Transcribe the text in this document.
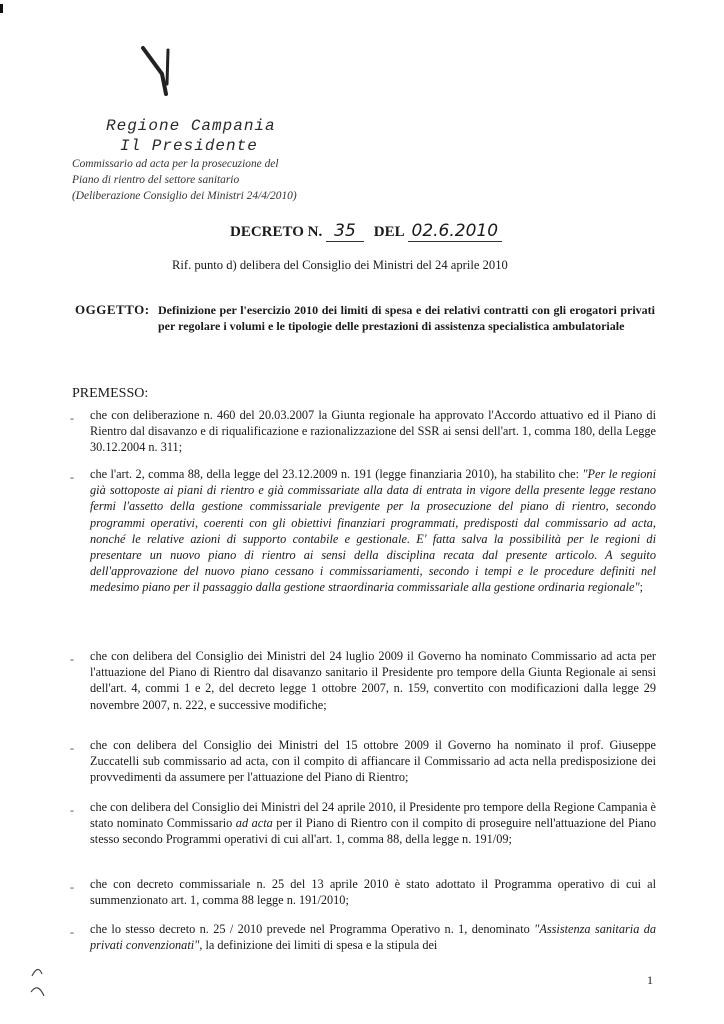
Regione Campania
Il Presidente
Commissario ad acta per la prosecuzione del
Piano di rientro del settore sanitario
(Deliberazione Consiglio dei Ministri 24/4/2010)
DECRETO N. 35 DEL 02.6.2010
Rif. punto d) delibera del Consiglio dei Ministri del 24 aprile 2010
OGGETTO: Definizione per l'esercizio 2010 dei limiti di spesa e dei relativi contratti con gli erogatori privati per regolare i volumi e le tipologie delle prestazioni di assistenza specialistica ambulatoriale
PREMESSO:
- che con deliberazione n. 460 del 20.03.2007 la Giunta regionale ha approvato l'Accordo attuativo ed il Piano di Rientro dal disavanzo e di riqualificazione e razionalizzazione del SSR ai sensi dell'art. 1, comma 180, della Legge 30.12.2004 n. 311;
- che l'art. 2, comma 88, della legge del 23.12.2009 n. 191 (legge finanziaria 2010), ha stabilito che: "Per le regioni già sottoposte ai piani di rientro e già commissariate alla data di entrata in vigore della presente legge restano fermi l'assetto della gestione commissariale previgente per la prosecuzione del piano di rientro, secondo programmi operativi, coerenti con gli obiettivi finanziari programmati, predisposti dal commissario ad acta, nonché le relative azioni di supporto contabile e gestionale. E' fatta salva la possibilità per le regioni di presentare un nuovo piano di rientro ai sensi della disciplina recata dal presente articolo. A seguito dell'approvazione del nuovo piano cessano i commissariamenti, secondo i tempi e le procedure definiti nel medesimo piano per il passaggio dalla gestione straordinaria commissariale alla gestione ordinaria regionale";
- che con delibera del Consiglio dei Ministri del 24 luglio 2009 il Governo ha nominato Commissario ad acta per l'attuazione del Piano di Rientro dal disavanzo sanitario il Presidente pro tempore della Giunta Regionale ai sensi dell'art. 4, commi 1 e 2, del decreto legge 1 ottobre 2007, n. 159, convertito con modificazioni dalla legge 29 novembre 2007, n. 222, e successive modifiche;
- che con delibera del Consiglio dei Ministri del 15 ottobre 2009 il Governo ha nominato il prof. Giuseppe Zuccatelli sub commissario ad acta, con il compito di affiancare il Commissario ad acta nella predisposizione dei provvedimenti da assumere per l'attuazione del Piano di Rientro;
- che con delibera del Consiglio dei Ministri del 24 aprile 2010, il Presidente pro tempore della Regione Campania è stato nominato Commissario ad acta per il Piano di Rientro con il compito di proseguire nell'attuazione del Piano stesso secondo Programmi operativi di cui all'art. 1, comma 88, della legge n. 191/09;
- che con decreto commissariale n. 25 del 13 aprile 2010 è stato adottato il Programma operativo di cui al summenzionato art. 1, comma 88 legge n. 191/2010;
- che lo stesso decreto n. 25 / 2010 prevede nel Programma Operativo n. 1, denominato "Assistenza sanitaria da privati convenzionati", la definizione dei limiti di spesa e la stipula dei
1
